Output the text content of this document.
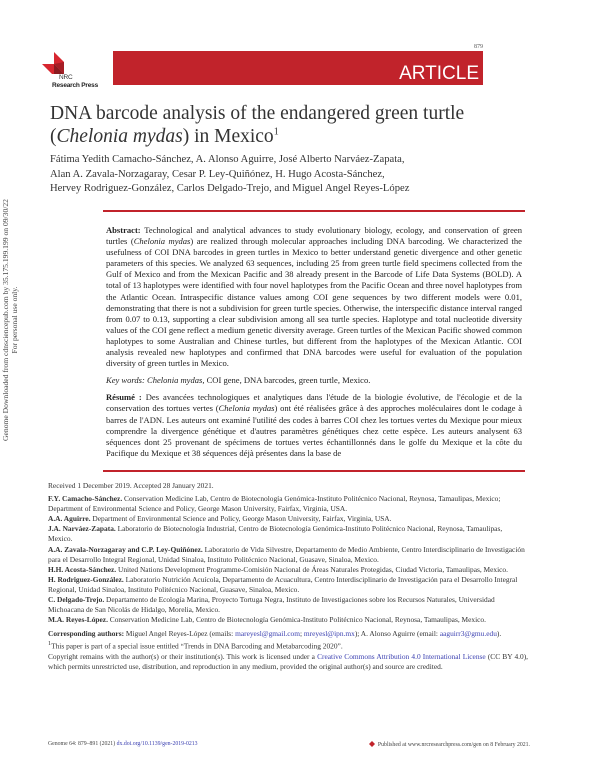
879
NRC
Research Press
ARTICLE
DNA barcode analysis of the endangered green turtle
(Chelonia mydas) in Mexico$^1$
Fátima Yedith Camacho-Sánchez, A. Alonso Aguirre, José Alberto Narváez-Zapata,
Alan A. Zavala-Norzagaray, Cesar P. Ley-Quiñónez, H. Hugo Acosta-Sánchez,
Hervey Rodriguez-González, Carlos Delgado-Trejo, and Miguel Angel Reyes-López
Genome Downloaded from cdnsciencepub.com by 35.175.199.199 on 09/30/22 For personal use only.

Abstract: Technological and analytical advances to study evolutionary biology, ecology, and conservation of green turtles (Chelonia mydas) are realized through molecular approaches including DNA barcoding. We characterized the usefulness of COI DNA barcodes in green turtles in Mexico to better understand genetic divergence and other genetic parameters of this species. We analyzed 63 sequences, including 25 from green turtle field specimens collected from the Gulf of Mexico and from the Mexican Pacific and 38 already present in the Barcode of Life Data Systems (BOLD). A total of 13 haplotypes were identified with four novel haplotypes from the Pacific Ocean and three novel haplotypes from the Atlantic Ocean. Intraspecific distance values among COI gene sequences by two different models were 0.01, demonstrating that there is not a subdivision for green turtle species. Otherwise, the interspecific distance interval ranged from 0.07 to 0.13, supporting a clear subdivision among all sea turtle species. Haplotype and total nucleotide diversity values of the COI gene reflect a medium genetic diversity average. Green turtles of the Mexican Pacific showed common haplotypes to some Australian and Chinese turtles, but different from the haplotypes of the Mexican Atlantic. COI analysis revealed new haplotypes and confirmed that DNA barcodes were useful for evaluation of the population diversity of green turtles in Mexico.

Key words: Chelonia mydas, COI gene, DNA barcodes, green turtle, Mexico.

Résumé : Des avancées technologiques et analytiques dans l'étude de la biologie évolutive, de l'écologie et de la conservation des tortues vertes (Chelonia mydas) ont été réalisées grâce à des approches moléculaires dont le codage à barres de l'ADN. Les auteurs ont examiné l'utilité des codes à barres COI chez les tortues vertes du Mexique pour mieux comprendre la divergence génétique et d'autres paramètres génétiques chez cette espèce. Les auteurs analysent 63 séquences dont 25 provenant de spécimens de tortues vertes échantillonnés dans le golfe du Mexique et la côte du Pacifique du Mexique et 38 séquences déjà présentes dans la base de

Received 1 December 2019. Accepted 28 January 2021.

F.Y. Camacho-Sánchez. Conservation Medicine Lab, Centro de Biotecnología Genómica-Instituto Politécnico Nacional, Reynosa, Tamaulipas, Mexico; Department of Environmental Science and Policy, George Mason University, Fairfax, Virginia, USA.

A.A. Aguirre. Department of Environmental Science and Policy, George Mason University, Fairfax, Virginia, USA.

J.A. Narváez-Zapata. Laboratorio de Biotecnología Industrial, Centro de Biotecnología Genómica-Instituto Politécnico Nacional, Reynosa, Tamaulipas, Mexico.

A.A. Zavala-Norzagaray and C.P. Ley-Quiñónez. Laboratorio de Vida Silvestre, Departamento de Medio Ambiente, Centro Interdisciplinario de Investigación para el Desarrollo Integral Regional, Unidad Sinaloa, Instituto Politécnico Nacional, Guasave, Sinaloa, Mexico.

H.H. Acosta-Sánchez. United Nations Development Programme-Comisión Nacional de Áreas Naturales Protegidas, Ciudad Victoria, Tamaulipas, Mexico.

H. Rodriguez-González. Laboratorio Nutrición Acuícola, Departamento de Acuacultura, Centro Interdisciplinario de Investigación para el Desarrollo Integral Regional, Unidad Sinaloa, Instituto Politécnico Nacional, Guasave, Sinaloa, Mexico.

C. Delgado-Trejo. Departamento de Ecología Marina, Proyecto Tortuga Negra, Instituto de Investigaciones sobre los Recursos Naturales, Universidad Michoacana de San Nicolás de Hidalgo, Morelia, Mexico.

M.A. Reyes-López. Conservation Medicine Lab, Centro de Biotecnología Genómica-Instituto Politécnico Nacional, Reynosa, Tamaulipas, Mexico.

Corresponding authors: Miguel Angel Reyes-López (emails: mareyesl@gmail.com; mreyesl@ipn.mx); A. Alonso Aguirre (email: aaguirr3@gmu.edu).

$^1$This paper is part of a special issue entitled “Trends in DNA Barcoding and Metabarcoding 2020”.

Copyright remains with the author(s) or their institution(s). This work is licensed under a Creative Commons Attribution 4.0 International License (CC BY 4.0), which permits unrestricted use, distribution, and reproduction in any medium, provided the original author(s) and source are credited.

Genome 64: 879–891 (2021) dx.doi.org/10.1139/gen-2019-0213	Published at www.nrcresearchpress.com/gen on 8 February 2021.
